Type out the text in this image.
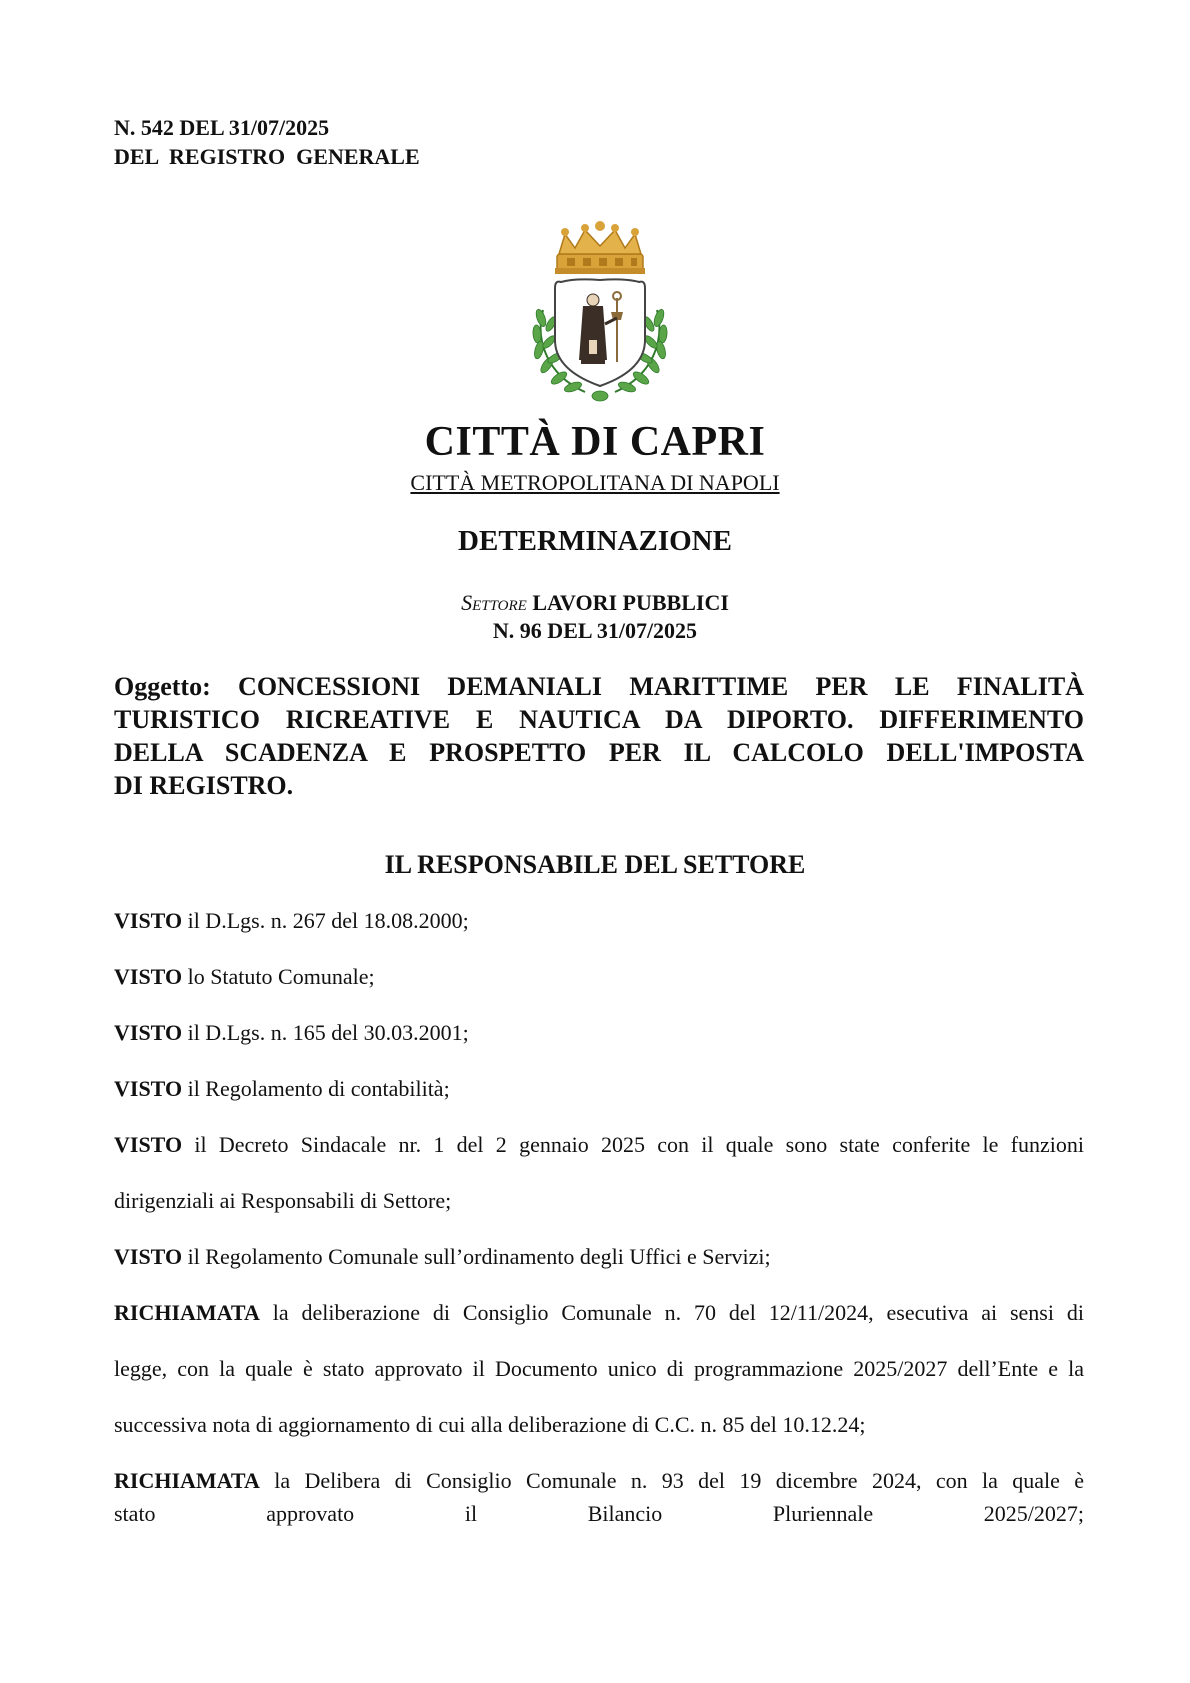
N. 542 DEL 31/07/2025
DEL  REGISTRO  GENERALE
CITTÀ DI CAPRI
CITTÀ METROPOLITANA DI NAPOLI
DETERMINAZIONE
Settore LAVORI PUBBLICI
N. 96 DEL 31/07/2025
Oggetto: CONCESSIONI DEMANIALI MARITTIME PER LE FINALITÀ
TURISTICO RICREATIVE E NAUTICA DA DIPORTO. DIFFERIMENTO
DELLA SCADENZA E PROSPETTO PER IL CALCOLO DELL'IMPOSTA
DI REGISTRO.
IL RESPONSABILE DEL SETTORE
VISTO il D.Lgs. n. 267 del 18.08.2000;
VISTO lo Statuto Comunale;
VISTO il D.Lgs. n. 165 del 30.03.2001;
VISTO il Regolamento di contabilità;
VISTO il Decreto Sindacale nr. 1 del 2 gennaio 2025 con il quale sono state conferite le funzioni
dirigenziali ai Responsabili di Settore;
VISTO il Regolamento Comunale sull’ordinamento degli Uffici e Servizi;
RICHIAMATA la deliberazione di Consiglio Comunale n. 70 del 12/11/2024, esecutiva ai sensi di
legge, con la quale è stato approvato il Documento unico di programmazione 2025/2027 dell’Ente e la
successiva nota di aggiornamento di cui alla deliberazione di C.C. n. 85 del 10.12.24;
RICHIAMATA la Delibera di Consiglio Comunale n. 93 del 19 dicembre 2024, con la quale è
stato approvato il Bilancio Pluriennale 2025/2027;
